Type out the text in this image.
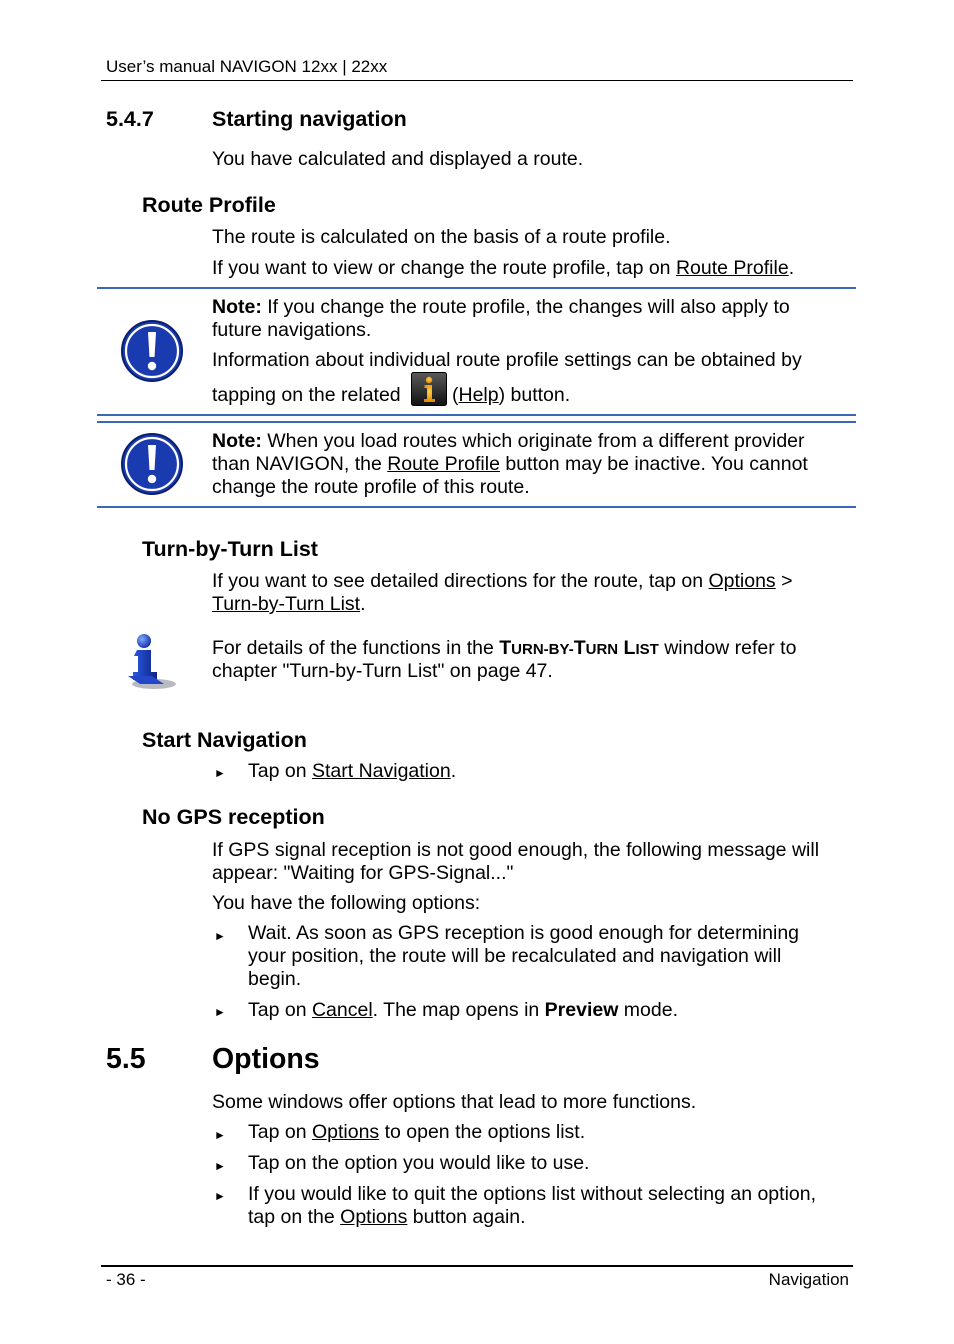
User’s manual NAVIGON 12xx | 22xx
5.4.7	Starting navigation
You have calculated and displayed a route.
Route Profile
The route is calculated on the basis of a route profile.
If you want to view or change the route profile, tap on Route Profile.
Note: If you change the route profile, the changes will also apply to
future navigations.
Information about individual route profile settings can be obtained by
tapping on the related	(Help) button.
Note: When you load routes which originate from a different provider
than NAVIGON, the Route Profile button may be inactive. You cannot
change the route profile of this route.
Turn-by-Turn List
If you want to see detailed directions for the route, tap on Options >
Turn-by-Turn List.
For details of the functions in the TURN-BY-TURN LIST window refer to
chapter "Turn-by-Turn List" on page 47.
Start Navigation
► Tap on Start Navigation.
No GPS reception
If GPS signal reception is not good enough, the following message will
appear: "Waiting for GPS-Signal..."
You have the following options:
► Wait. As soon as GPS reception is good enough for determining
your position, the route will be recalculated and navigation will
begin.
► Tap on Cancel. The map opens in Preview mode.
5.5 Options
Some windows offer options that lead to more functions.
► Tap on Options to open the options list.
► Tap on the option you would like to use.
► If you would like to quit the options list without selecting an option,
tap on the Options button again.
- 36 -	Navigation
